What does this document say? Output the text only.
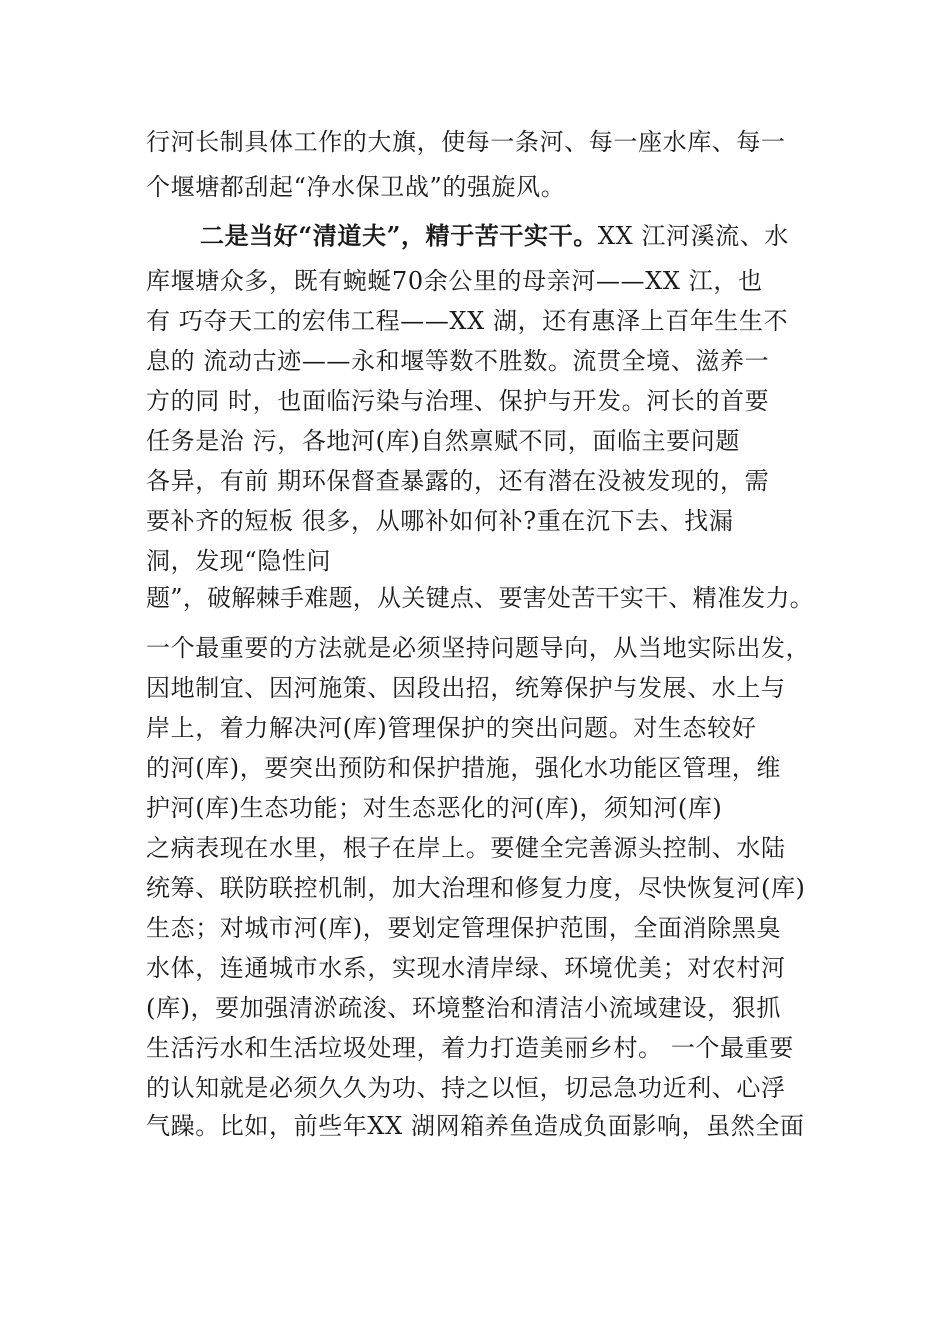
行河长制具体工作的大旗，使每一条河、每一座水库、每一
个堰塘都刮起“净水保卫战”的强旋风。
二是当好“清道夫”，精于苦干实干。XX 江河溪流、水
库堰塘众多，既有蜿蜒70余公里的母亲河——XX 江，也
有 巧夺天工的宏伟工程——XX 湖，还有惠泽上百年生生不
息的 流动古迹——永和堰等数不胜数。流贯全境、滋养一
方的同 时，也面临污染与治理、保护与开发。河长的首要
任务是治 污，各地河(库)自然禀赋不同，面临主要问题
各异，有前 期环保督查暴露的，还有潜在没被发现的，需
要补齐的短板 很多，从哪补如何补?重在沉下去、找漏
洞，发现“隐性问
题”，破解棘手难题，从关键点、要害处苦干实干、精准发力。
一个最重要的方法就是必须坚持问题导向，从当地实际出发，
因地制宜、因河施策、因段出招，统筹保护与发展、水上与
岸上，着力解决河(库)管理保护的突出问题。对生态较好
的河(库)，要突出预防和保护措施，强化水功能区管理，维
护河(库)生态功能；对生态恶化的河(库)，须知河(库)
之病表现在水里，根子在岸上。要健全完善源头控制、水陆
统筹、联防联控机制，加大治理和修复力度，尽快恢复河(库)
生态；对城市河(库)，要划定管理保护范围，全面消除黑臭
水体，连通城市水系，实现水清岸绿、环境优美；对农村河
(库)，要加强清淤疏浚、环境整治和清洁小流域建设，狠抓
生活污水和生活垃圾处理，着力打造美丽乡村。 一个最重要
的认知就是必须久久为功、持之以恒，切忌急功近利、心浮
气躁。比如，前些年XX 湖网箱养鱼造成负面影响，虽然全面
